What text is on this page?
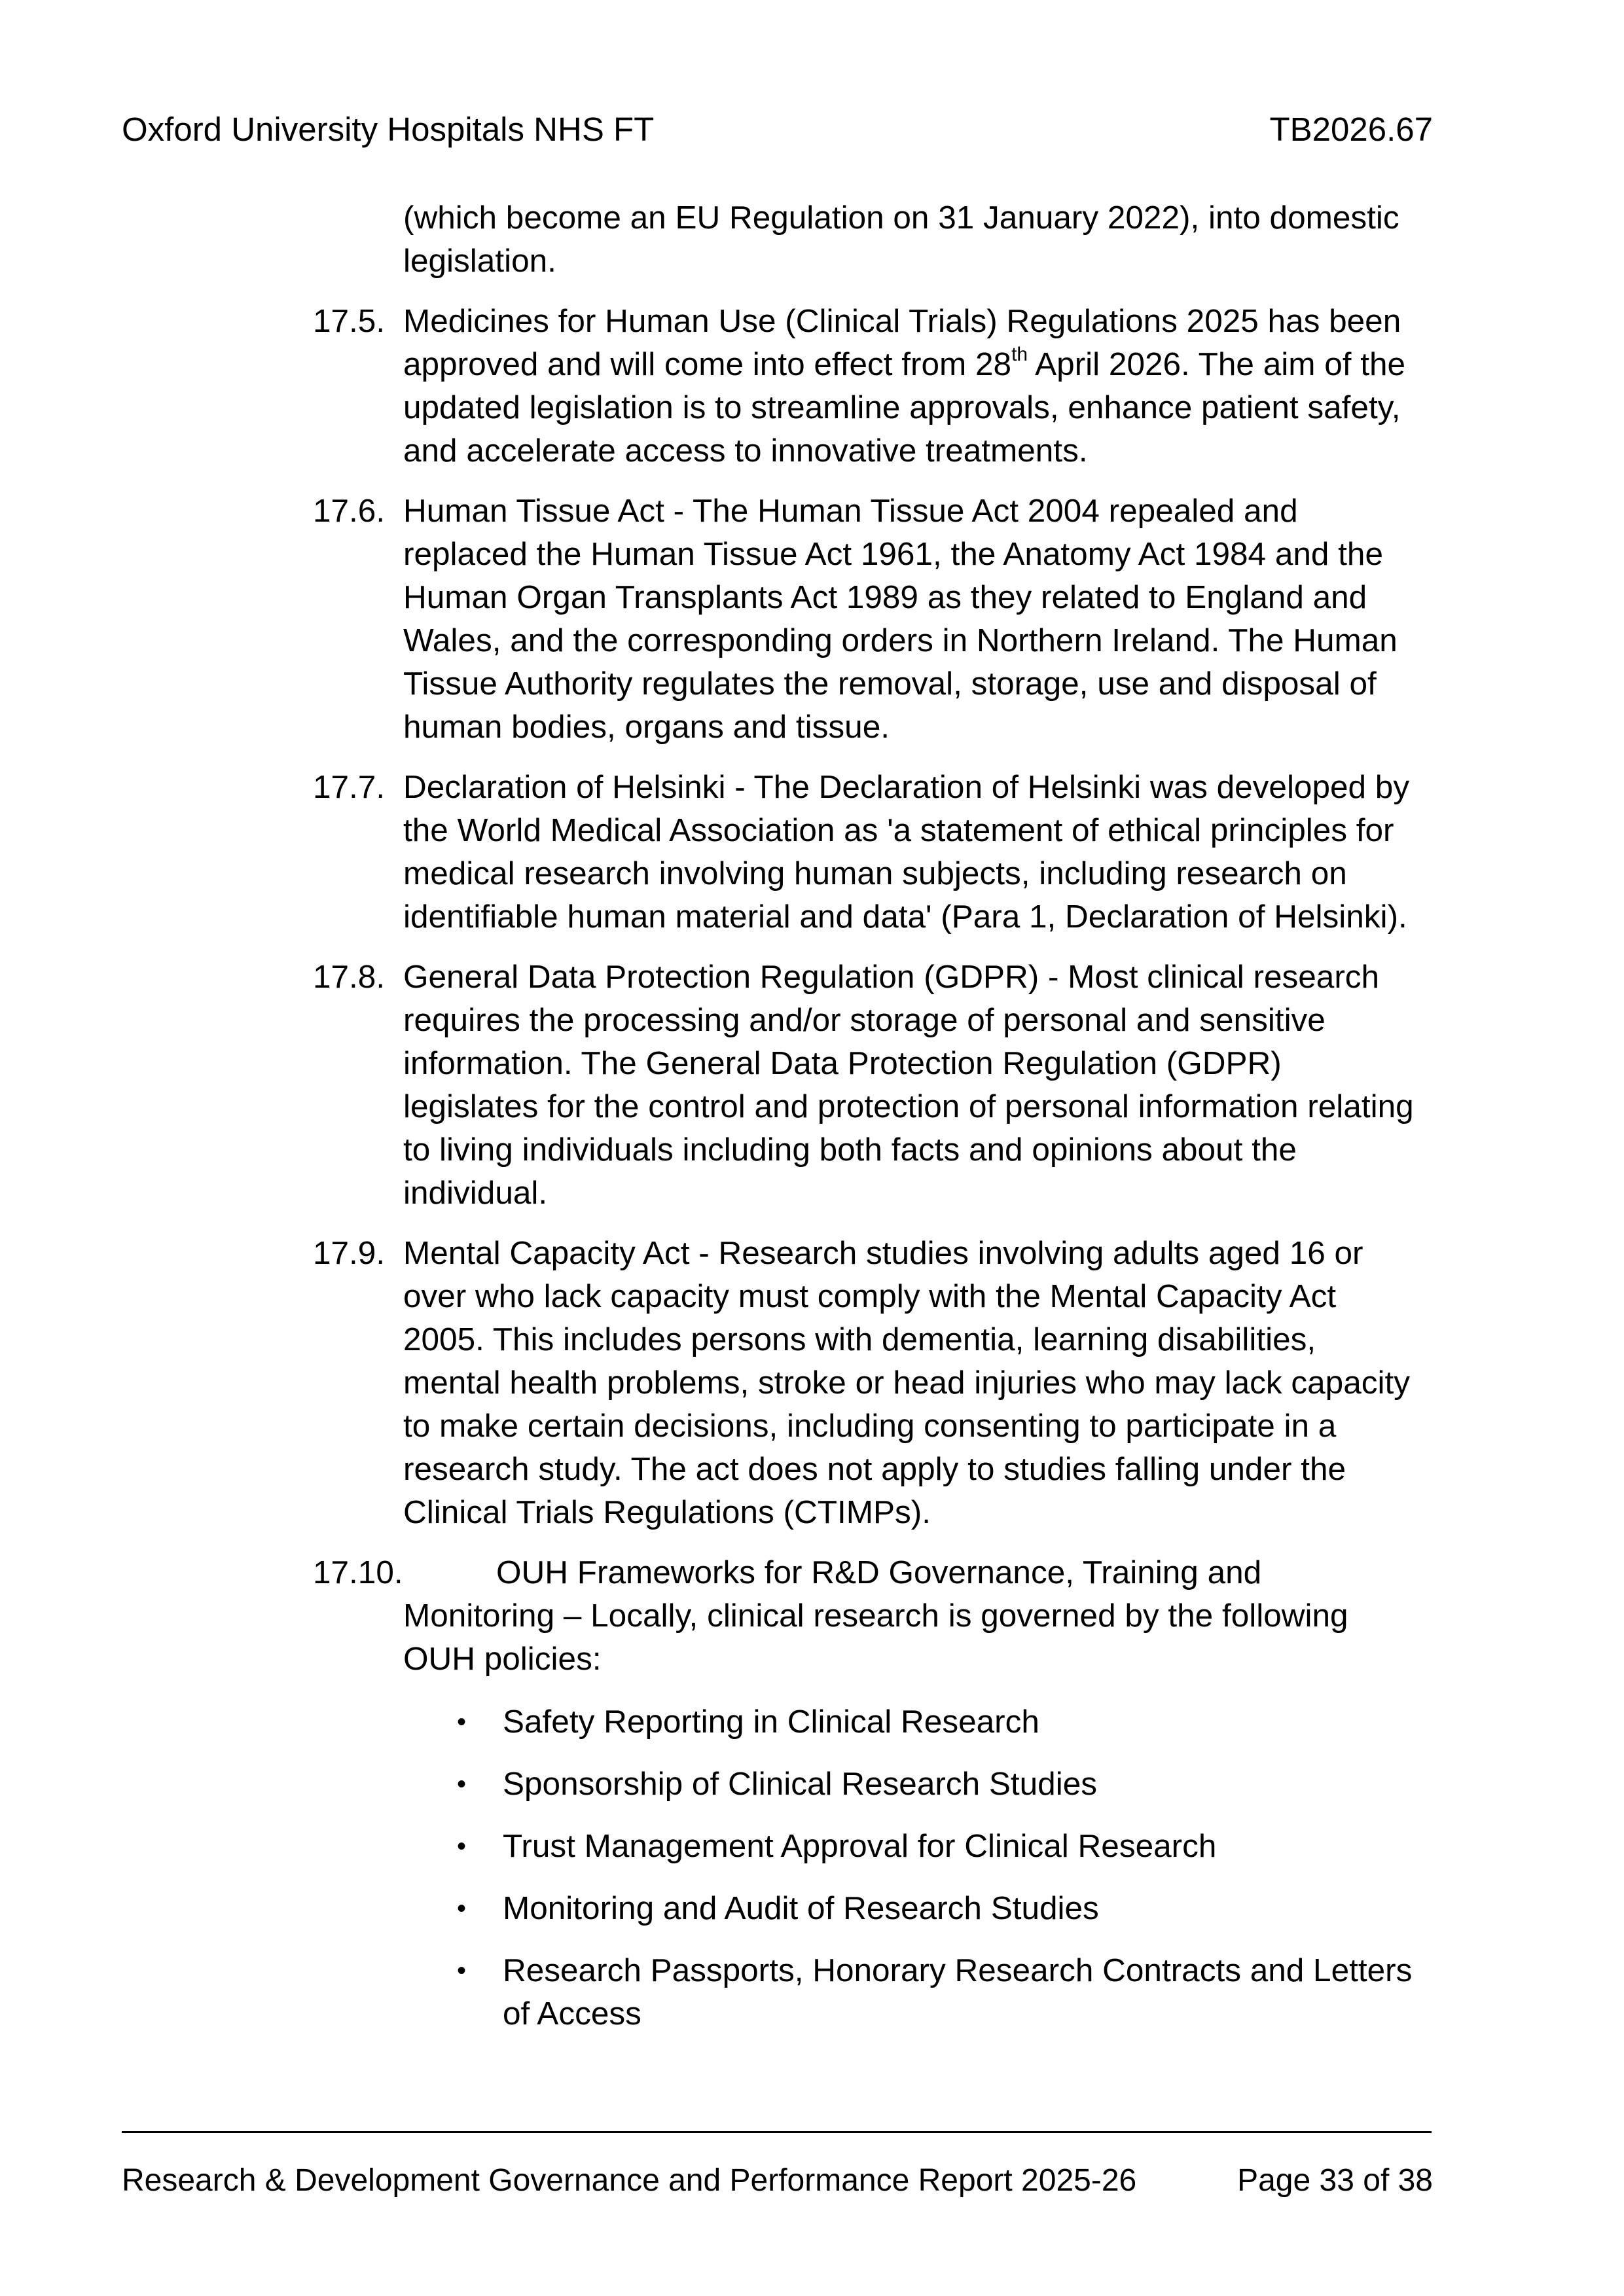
Oxford University Hospitals NHS FT	TB2026.67
(which become an EU Regulation on 31 January 2022), into domestic
legislation.
17.5. Medicines for Human Use (Clinical Trials) Regulations 2025 has been
approved and will come into effect from 28th April 2026. The aim of the
updated legislation is to streamline approvals, enhance patient safety,
and accelerate access to innovative treatments.
17.6. Human Tissue Act - The Human Tissue Act 2004 repealed and
replaced the Human Tissue Act 1961, the Anatomy Act 1984 and the
Human Organ Transplants Act 1989 as they related to England and
Wales, and the corresponding orders in Northern Ireland. The Human
Tissue Authority regulates the removal, storage, use and disposal of
human bodies, organs and tissue.
17.7. Declaration of Helsinki - The Declaration of Helsinki was developed by
the World Medical Association as 'a statement of ethical principles for
medical research involving human subjects, including research on
identifiable human material and data' (Para 1, Declaration of Helsinki).
17.8. General Data Protection Regulation (GDPR) - Most clinical research
requires the processing and/or storage of personal and sensitive
information. The General Data Protection Regulation (GDPR)
legislates for the control and protection of personal information relating
to living individuals including both facts and opinions about the
individual.
17.9. Mental Capacity Act - Research studies involving adults aged 16 or
over who lack capacity must comply with the Mental Capacity Act
2005. This includes persons with dementia, learning disabilities,
mental health problems, stroke or head injuries who may lack capacity
to make certain decisions, including consenting to participate in a
research study. The act does not apply to studies falling under the
Clinical Trials Regulations (CTIMPs).
17.10.	OUH Frameworks for R&D Governance, Training and
Monitoring – Locally, clinical research is governed by the following
OUH policies:
• Safety Reporting in Clinical Research
• Sponsorship of Clinical Research Studies
• Trust Management Approval for Clinical Research
• Monitoring and Audit of Research Studies
• Research Passports, Honorary Research Contracts and Letters
of Access
Research & Development Governance and Performance Report 2025-26	Page 33 of 38
